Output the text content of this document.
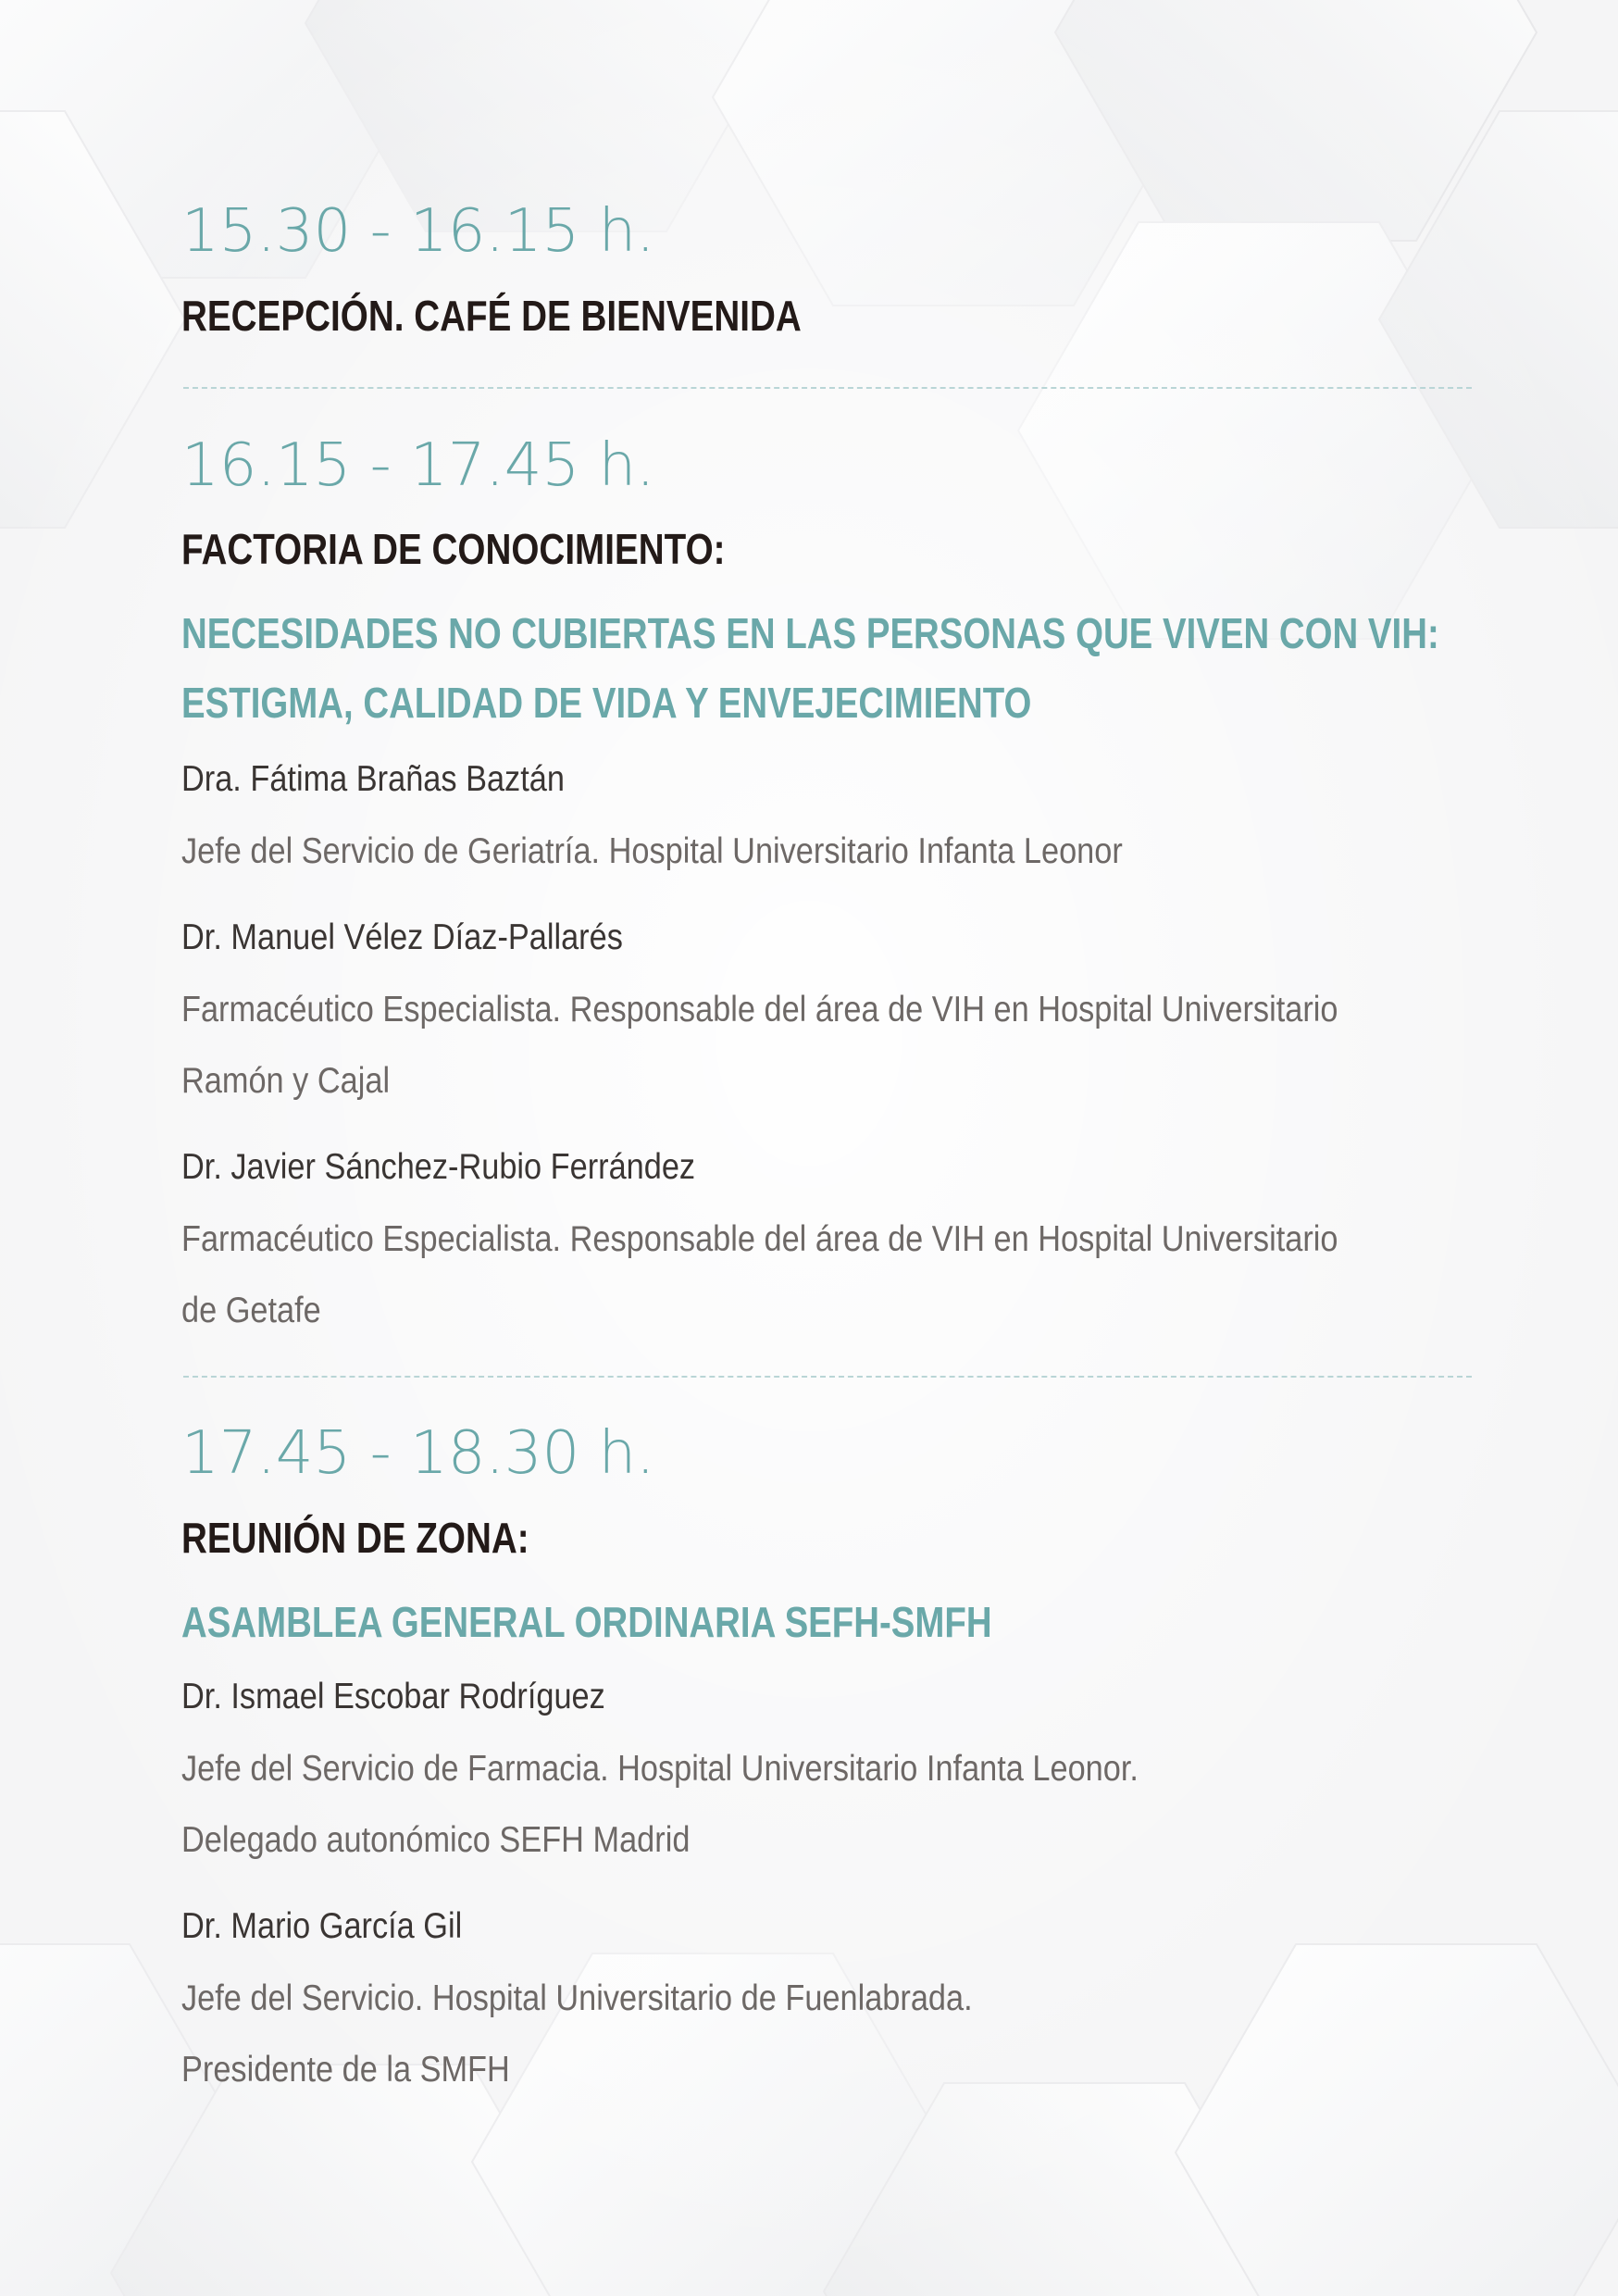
15.30 - 16.15 h.
RECEPCIÓN. CAFÉ DE BIENVENIDA
16.15 - 17.45 h.
FACTORIA DE CONOCIMIENTO:
NECESIDADES NO CUBIERTAS EN LAS PERSONAS QUE VIVEN CON VIH:
ESTIGMA, CALIDAD DE VIDA Y ENVEJECIMIENTO
Dra. Fátima Brañas Baztán
Jefe del Servicio de Geriatría. Hospital Universitario Infanta Leonor
Dr. Manuel Vélez Díaz-Pallarés
Farmacéutico Especialista. Responsable del área de VIH en Hospital Universitario
Ramón y Cajal
Dr. Javier Sánchez-Rubio Ferrández
Farmacéutico Especialista. Responsable del área de VIH en Hospital Universitario
de Getafe
17.45 - 18.30 h.
REUNIÓN DE ZONA:
ASAMBLEA GENERAL ORDINARIA SEFH-SMFH
Dr. Ismael Escobar Rodríguez
Jefe del Servicio de Farmacia. Hospital Universitario Infanta Leonor.
Delegado autonómico SEFH Madrid
Dr. Mario García Gil
Jefe del Servicio. Hospital Universitario de Fuenlabrada.
Presidente de la SMFH
